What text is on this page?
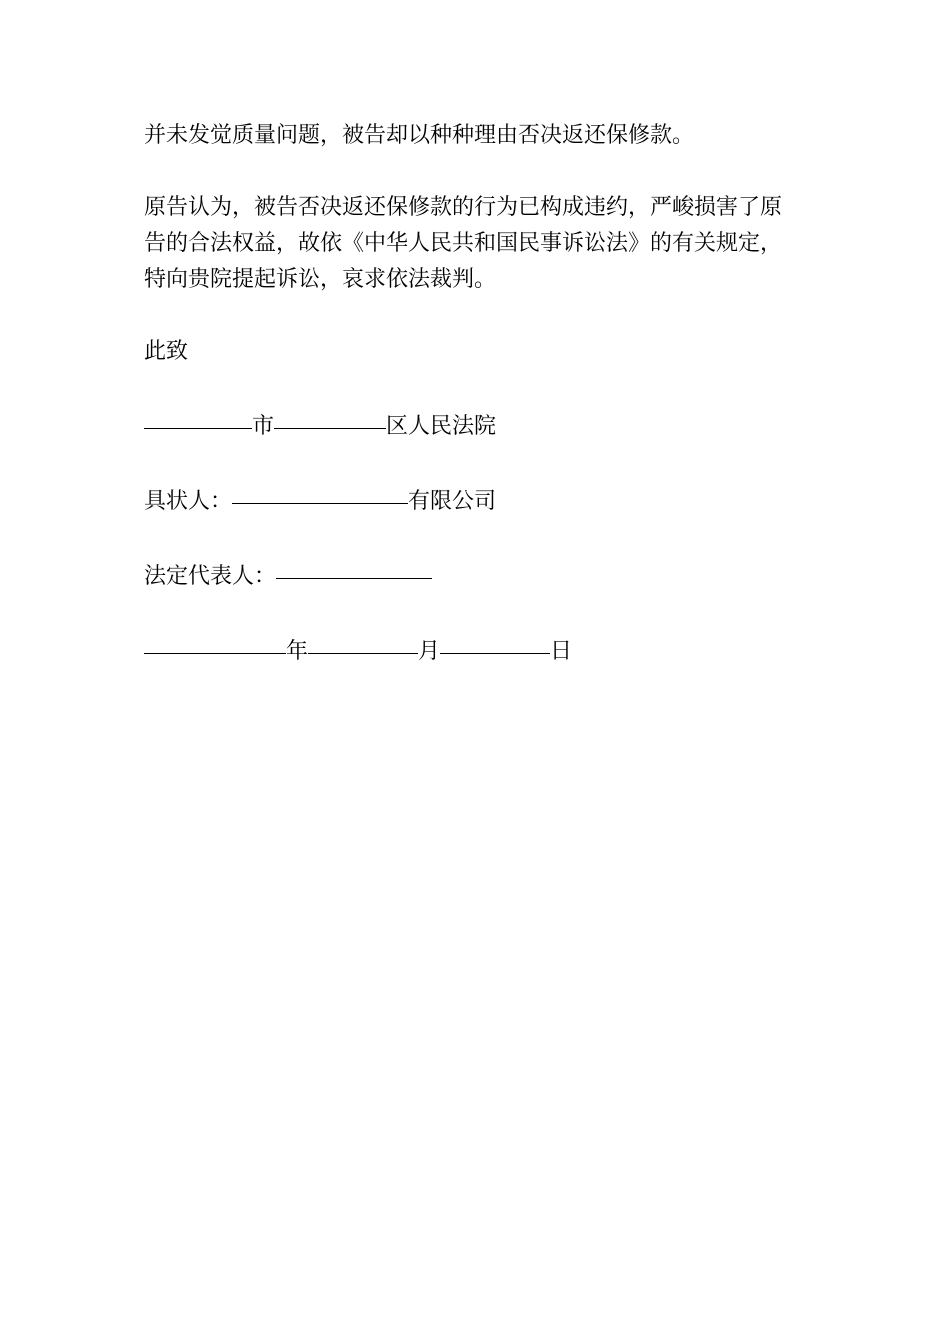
并未发觉质量问题，被告却以种种理由否决返还保修款。

原告认为，被告否决返还保修款的行为已构成违约，严峻损害了原
告的合法权益，故依《中华人民共和国民事诉讼法》的有关规定，
特向贵院提起诉讼，哀求依法裁判。

此致

市	区人民法院

具状人：	有限公司

法定代表人：

年	月	日
